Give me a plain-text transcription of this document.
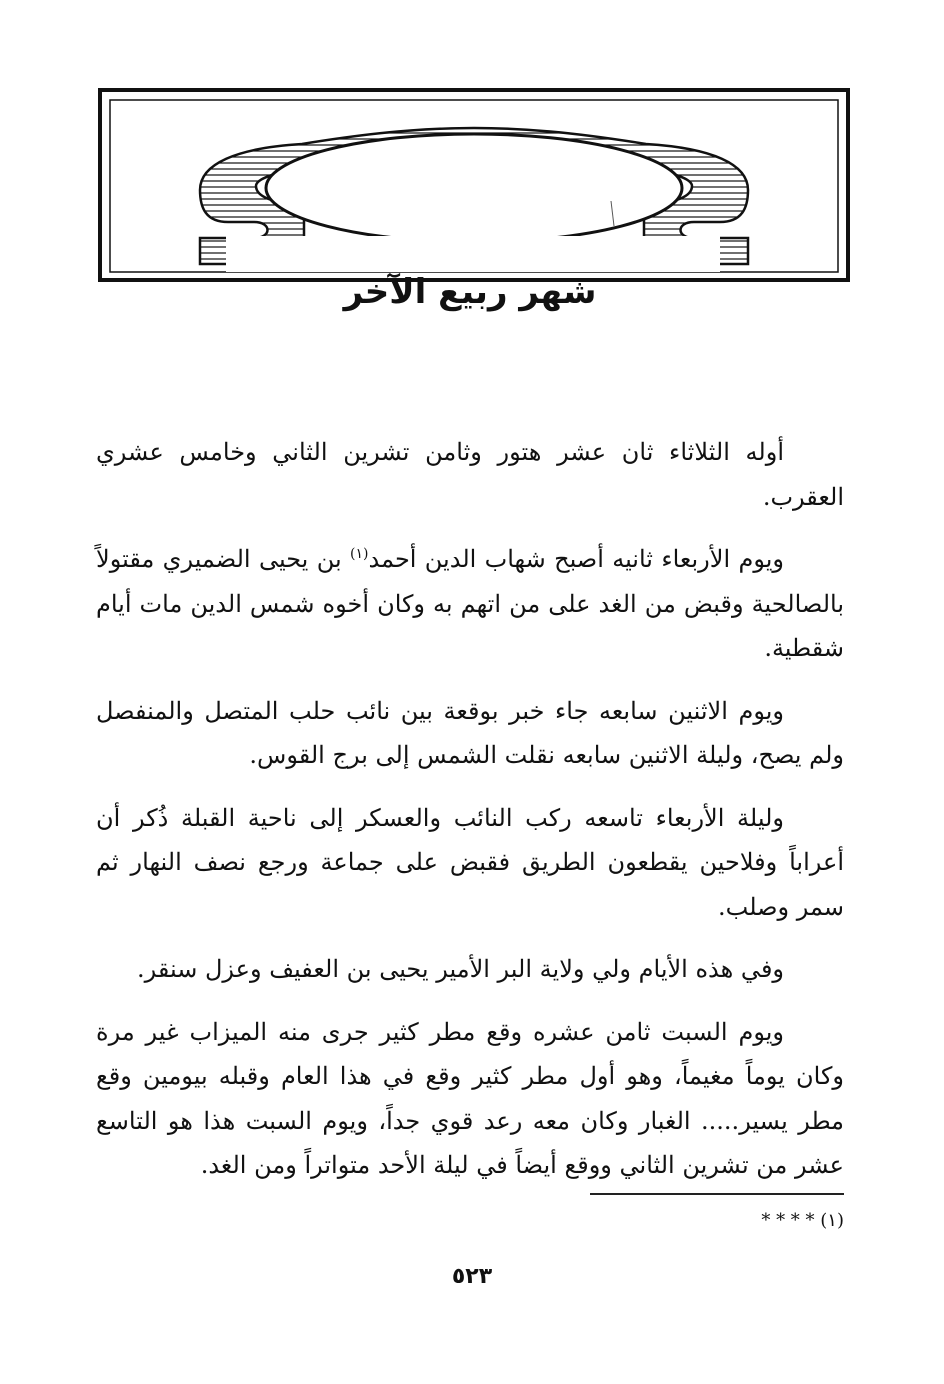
شهر ربيع الآخر

أوله الثلاثاء ثان عشر هتور وثامن تشرين الثاني وخامس عشري العقرب.

ويوم الأربعاء ثانيه أصبح شهاب الدين أحمد$^{(١)}$ بن يحيى الضميري مقتولاً بالصالحية وقبض من الغد على من اتهم به وكان أخوه شمس الدين مات أيام شقطية.

ويوم الاثنين سابعه جاء خبر بوقعة بين نائب حلب المتصل والمنفصل ولم يصح، وليلة الاثنين سابعه نقلت الشمس إلى برج القوس.

وليلة الأربعاء تاسعه ركب النائب والعسكر إلى ناحية القبلة ذُكر أن أعراباً وفلاحين يقطعون الطريق فقبض على جماعة ورجع نصف النهار ثم سمر وصلب.

وفي هذه الأيام ولي ولاية البر الأمير يحيى بن العفيف وعزل سنقر.

ويوم السبت ثامن عشره وقع مطر كثير جرى منه الميزاب غير مرة وكان يوماً مغيماً، وهو أول مطر كثير وقع في هذا العام وقبله بيومين وقع مطر يسير..... الغبار وكان معه رعد قوي جداً، ويوم السبت هذا هو التاسع عشر من تشرين الثاني ووقع أيضاً في ليلة الأحد متواتراً ومن الغد.

(١) * * * *
٥٢٣
